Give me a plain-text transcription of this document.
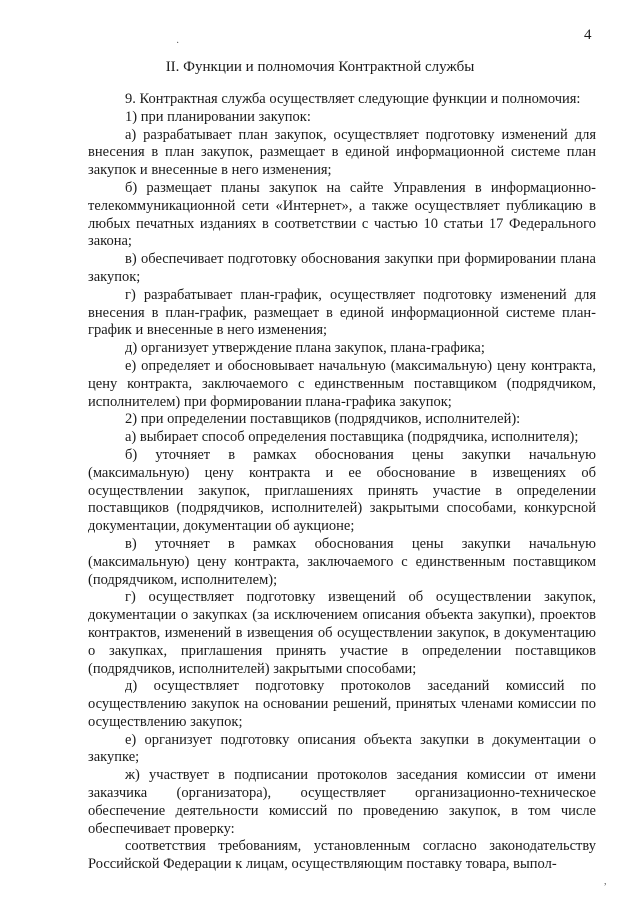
4
II. Функции и полномочия Контрактной службы

9. Контрактная служба осуществляет следующие функции и полномочия:

1) при планировании закупок:

а) разрабатывает план закупок, осуществляет подготовку изменений для внесения в план закупок, размещает в единой информационной системе план закупок и внесенные в него изменения;

б) размещает планы закупок на сайте Управления в информационно-телекоммуникационной сети «Интернет», а также осуществляет публикацию в любых печатных изданиях в соответствии с частью 10 статьи 17 Федерального закона;

в) обеспечивает подготовку обоснования закупки при формировании плана закупок;

г) разрабатывает план-график, осуществляет подготовку изменений для внесения в план-график, размещает в единой информационной системе план-график и внесенные в него изменения;

д) организует утверждение плана закупок, плана-графика;

е) определяет и обосновывает начальную (максимальную) цену контракта, цену контракта, заключаемого с единственным поставщиком (подрядчиком, исполнителем) при формировании плана-графика закупок;

2) при определении поставщиков (подрядчиков, исполнителей):

а) выбирает способ определения поставщика (подрядчика, исполнителя);

б) уточняет в рамках обоснования цены закупки начальную (максимальную) цену контракта и ее обоснование в извещениях об осуществлении закупок, приглашениях принять участие в определении поставщиков (подрядчиков, исполнителей) закрытыми способами, конкурсной документации, документации об аукционе;

в) уточняет в рамках обоснования цены закупки начальную (максимальную) цену контракта, заключаемого с единственным поставщиком (подрядчиком, исполнителем);

г) осуществляет подготовку извещений об осуществлении закупок, документации о закупках (за исключением описания объекта закупки), проектов контрактов, изменений в извещения об осуществлении закупок, в документацию о закупках, приглашения принять участие в определении поставщиков (подрядчиков, исполнителей) закрытыми способами;

д) осуществляет подготовку протоколов заседаний комиссий по осуществлению закупок на основании решений, принятых членами комиссии по осуществлению закупок;

е) организует подготовку описания объекта закупки в документации о закупке;

ж) участвует в подписании протоколов заседания комиссии от имени заказчика (организатора), осуществляет организационно-техническое обеспечение деятельности комиссий по проведению закупок, в том числе обеспечивает проверку:

соответствия требованиям, установленным согласно законодательству Российской Федерации к лицам, осуществляющим поставку товара, выпол-

·
,
